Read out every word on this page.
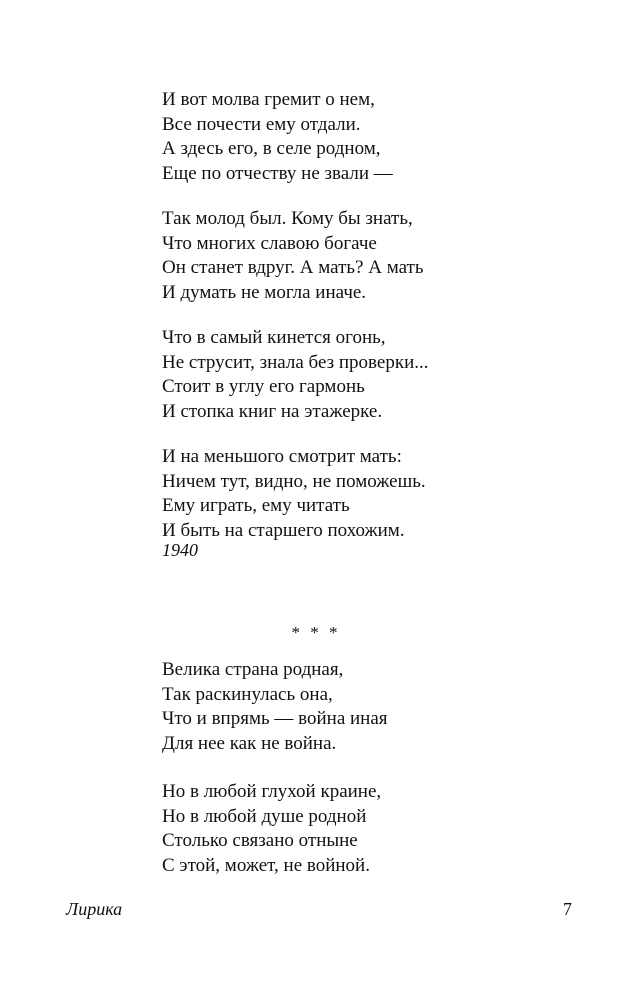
И вот молва гремит о нем,
Все почести ему отдали.
А здесь его, в селе родном,
Еще по отчеству не звали —
Так молод был. Кому бы знать,
Что многих славою богаче
Он станет вдруг. А мать? А мать
И думать не могла иначе.
Что в самый кинется огонь,
Не струсит, знала без проверки...
Стоит в углу его гармонь
И стопка книг на этажерке.
И на меньшого смотрит мать:
Ничем тут, видно, не поможешь.
Ему играть, ему читать
И быть на старшего похожим.
1940
* * *
Велика страна родная,
Так раскинулась она,
Что и впрямь — война иная
Для нее как не война.
Но в любой глухой краине,
Но в любой душе родной
Столько связано отныне
С этой, может, не войной.
Лирика	7
